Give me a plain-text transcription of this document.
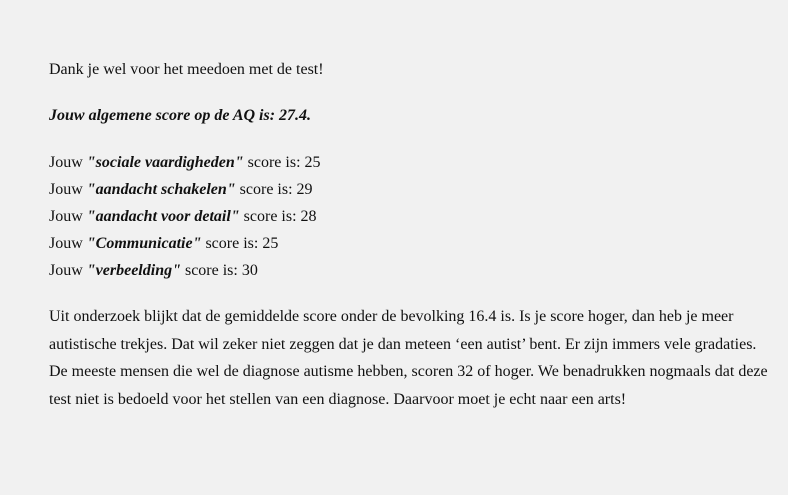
Dank je wel voor het meedoen met de test!

Jouw algemene score op de AQ is: 27.4.

Jouw "sociale vaardigheden" score is: 25
Jouw "aandacht schakelen" score is: 29
Jouw "aandacht voor detail" score is: 28
Jouw "Communicatie" score is: 25
Jouw "verbeelding" score is: 30

Uit onderzoek blijkt dat de gemiddelde score onder de bevolking 16.4 is. Is je score hoger, dan heb je meer autistische trekjes. Dat wil zeker niet zeggen dat je dan meteen ‘een autist’ bent. Er zijn immers vele gradaties. De meeste mensen die wel de diagnose autisme hebben, scoren 32 of hoger. We benadrukken nogmaals dat deze test niet is bedoeld voor het stellen van een diagnose. Daarvoor moet je echt naar een arts!
